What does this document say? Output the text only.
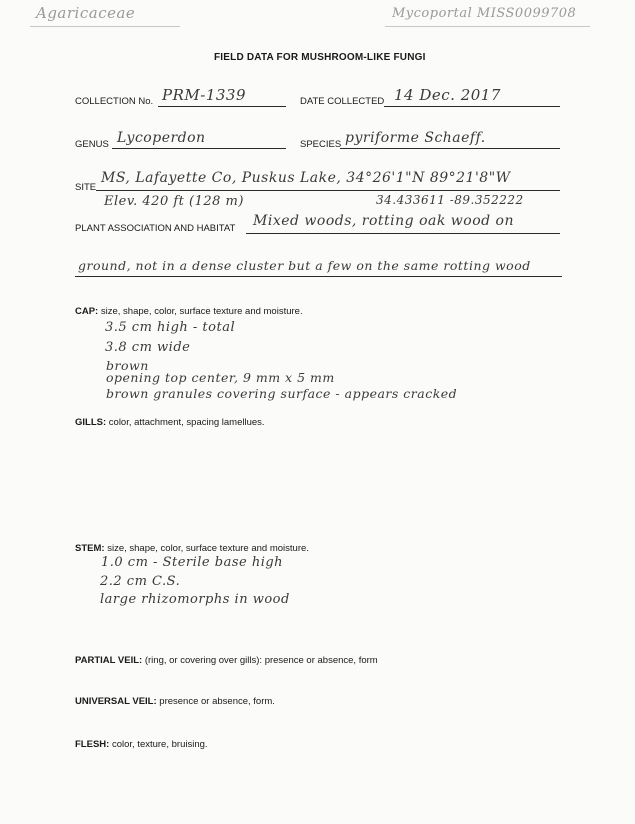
Agaricaceae	Mycoportal MISS0099708
FIELD DATA FOR MUSHROOM-LIKE FUNGI
COLLECTION No. PRM-1339	DATE COLLECTED 14 Dec. 2017
GENUS Lycoperdon	SPECIES pyriforme Schaeff.
SITE
MS, Lafayette Co, Puskus Lake, 34°26'1"N 89°21'8"W
Elev. 420 ft (128 m)	34.433611 -89.352222
PLANT ASSOCIATION AND HABITAT Mixed woods, rotting oak wood on
ground, not in a dense cluster but a few on the same rotting wood
CAP: size, shape, color, surface texture and moisture.
3.5 cm high - total
3.8 cm wide
brown
opening top center, 9 mm x 5 mm
brown granules covering surface - appears cracked
GILLS: color, attachment, spacing lamellues.
STEM: size, shape, color, surface texture and moisture.
1.0 cm - Sterile base high
2.2 cm C.S.
large rhizomorphs in wood
PARTIAL VEIL: (ring, or covering over gills): presence or absence, form
UNIVERSAL VEIL: presence or absence, form.
FLESH: color, texture, bruising.
